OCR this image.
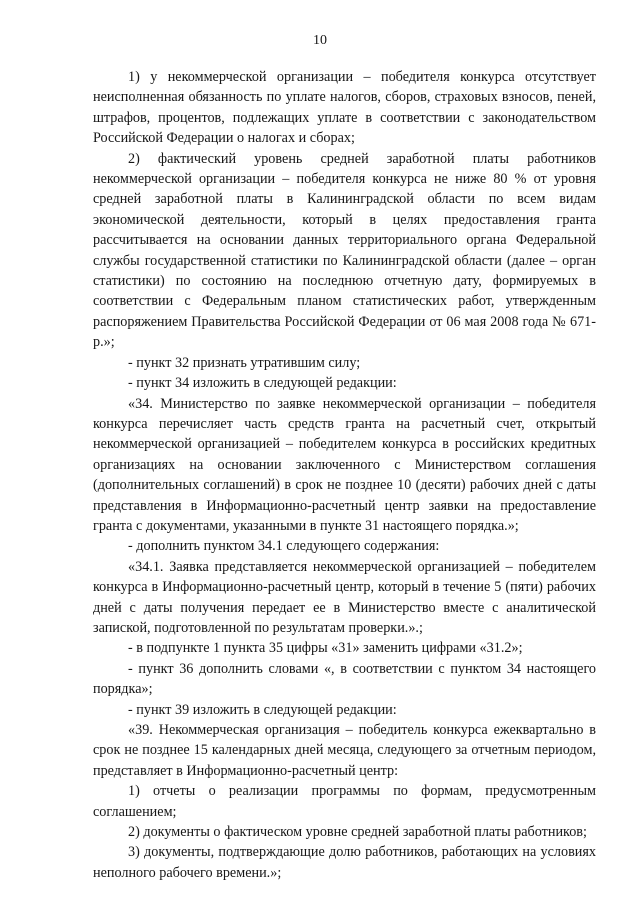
10

1) у некоммерческой организации – победителя конкурса отсутствует неисполненная обязанность по уплате налогов, сборов, страховых взносов, пеней, штрафов, процентов, подлежащих уплате в соответствии с законодательством Российской Федерации о налогах и сборах;

2) фактический уровень средней заработной платы работников некоммерческой организации – победителя конкурса не ниже 80 % от уровня средней заработной платы в Калининградской области по всем видам экономической деятельности, который в целях предоставления гранта рассчитывается на основании данных территориального органа Федеральной службы государственной статистики по Калининградской области (далее – орган статистики) по состоянию на последнюю отчетную дату, формируемых в соответствии с Федеральным планом статистических работ, утвержденным распоряжением Правительства Российской Федерации от 06 мая 2008 года № 671-р.»;

- пункт 32 признать утратившим силу;

- пункт 34 изложить в следующей редакции:

«34. Министерство по заявке некоммерческой организации – победителя конкурса перечисляет часть средств гранта на расчетный счет, открытый некоммерческой организацией – победителем конкурса в российских кредитных организациях на основании заключенного с Министерством соглашения (дополнительных соглашений) в срок не позднее 10 (десяти) рабочих дней с даты представления в Информационно-расчетный центр заявки на предоставление гранта с документами, указанными в пункте 31 настоящего порядка.»;

- дополнить пунктом 34.1 следующего содержания:

«34.1. Заявка представляется некоммерческой организацией – победителем конкурса в Информационно-расчетный центр, который в течение 5 (пяти) рабочих дней с даты получения передает ее в Министерство вместе с аналитической запиской, подготовленной по результатам проверки.».;

- в подпункте 1 пункта 35 цифры «31» заменить цифрами «31.2»;

- пункт 36 дополнить словами «, в соответствии с пунктом 34 настоящего порядка»;

- пункт 39 изложить в следующей редакции:

«39. Некоммерческая организация – победитель конкурса ежеквартально в срок не позднее 15 календарных дней месяца, следующего за отчетным периодом, представляет в Информационно-расчетный центр:

1) отчеты о реализации программы по формам, предусмотренным соглашением;

2) документы о фактическом уровне средней заработной платы работников;

3) документы, подтверждающие долю работников, работающих на условиях неполного рабочего времени.»;
